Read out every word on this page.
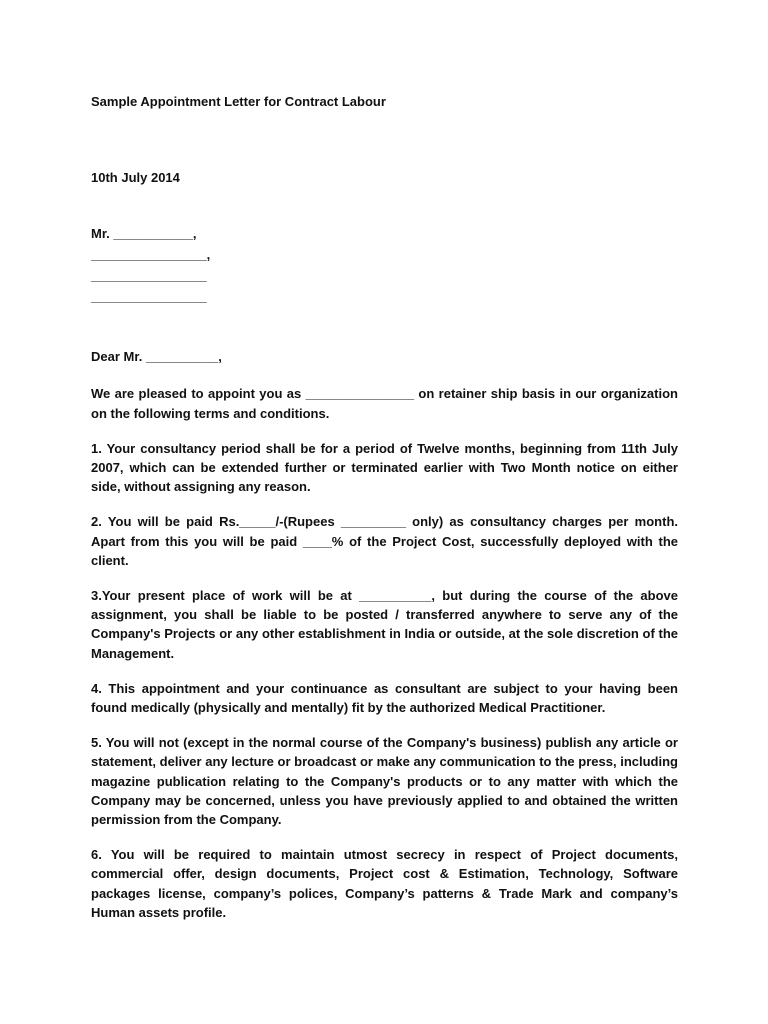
Sample Appointment Letter for Contract Labour
10th July 2014
Mr. ___________,
________________,
________________
________________
Dear Mr. __________,
We are pleased to appoint you as _______________ on retainer ship basis in our organization on the following terms and conditions.
1. Your consultancy period shall be for a period of Twelve months, beginning from 11th July 2007, which can be extended further or terminated earlier with Two Month notice on either side, without assigning any reason.
2. You will be paid Rs._____/-(Rupees _________ only) as consultancy charges per month. Apart from this you will be paid ____% of the Project Cost, successfully deployed with the client.
3.Your present place of work will be at __________, but during the course of the above assignment, you shall be liable to be posted / transferred anywhere to serve any of the Company's Projects or any other establishment in India or outside, at the sole discretion of the Management.
4. This appointment and your continuance as consultant are subject to your having been found medically (physically and mentally) fit by the authorized Medical Practitioner.
5. You will not (except in the normal course of the Company's business) publish any article or statement, deliver any lecture or broadcast or make any communication to the press, including magazine publication relating to the Company's products or to any matter with which the Company may be concerned, unless you have previously applied to and obtained the written permission from the Company.
6. You will be required to maintain utmost secrecy in respect of Project documents, commercial offer, design documents, Project cost & Estimation, Technology, Software packages license, company’s polices, Company’s patterns & Trade Mark and company’s Human assets profile.
